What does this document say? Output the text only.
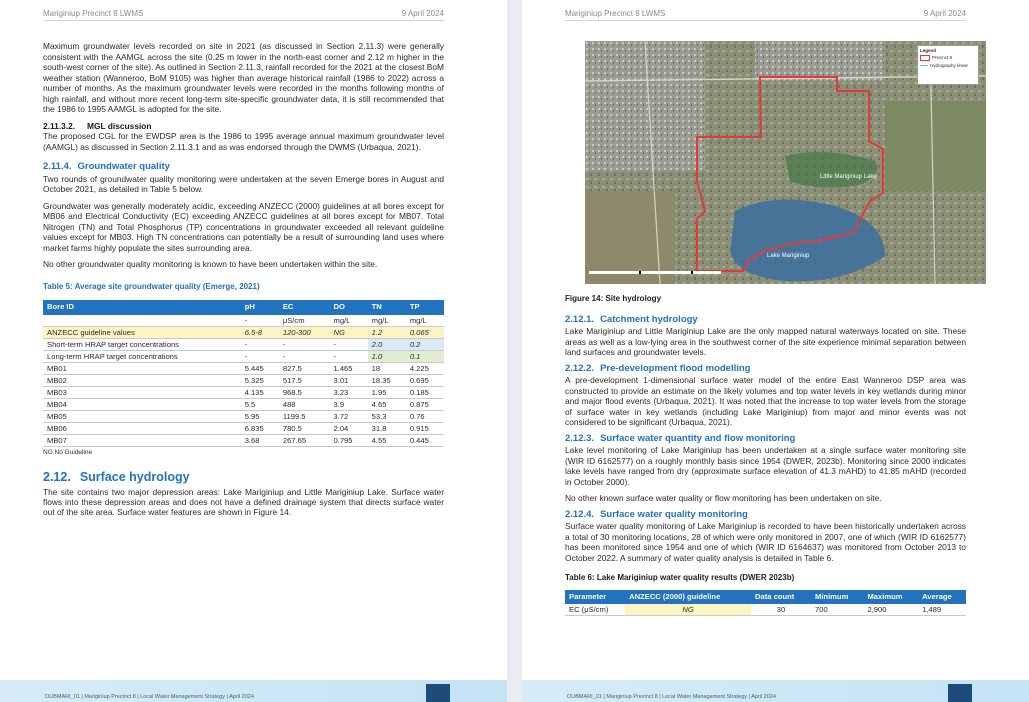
Mariginiup Precinct 8 LWMS	9 April 2024

Maximum groundwater levels recorded on site in 2021 (as discussed in Section 2.11.3) were generally consistent with the AAMGL across the site (0.25 m lower in the north-east corner and 2.12 m higher in the south-west corner of the site). As outlined in Section 2.11.3, rainfall recorded for the 2021 at the closest BoM weather station (Wanneroo, BoM 9105) was higher than average historical rainfall (1986 to 2022) across a number of months. As the maximum groundwater levels were recorded in the months following months of high rainfall, and without more recent long-term site-specific groundwater data, it is still recommended that the 1986 to 1995 AAMGL is adopted for the site.

2.11.3.2. MGL discussion

The proposed CGL for the EWDSP area is the 1986 to 1995 average annual maximum groundwater level (AAMGL) as discussed in Section 2.11.3.1 and as was endorsed through the DWMS (Urbaqua, 2021).

2.11.4. Groundwater quality

Two rounds of groundwater quality monitoring were undertaken at the seven Emerge bores in August and October 2021, as detailed in Table 5 below.

Groundwater was generally moderately acidic, exceeding ANZECC (2000) guidelines at all bores except for MB06 and Electrical Conductivity (EC) exceeding ANZECC guidelines at all bores except for MB07. Total Nitrogen (TN) and Total Phosphorus (TP) concentrations in groundwater exceeded all relevant guideline values except for MB03. High TN concentrations can potentially be a result of surrounding land uses where market farms highly populate the sites surrounding area.

No other groundwater quality monitoring is known to have been undertaken within the site.

Table 5: Average site groundwater quality (Emerge, 2021)
Bore ID	pH	EC	DO	TN	TP
	-	μS/cm	mg/L	mg/L	mg/L
ANZECC guideline values	6.5-8	120-300	NG	1.2	0.065
Short-term HRAP target concentrations	-	-	-	2.0	0.2
Long-term HRAP target concentrations	-	-	-	1.0	0.1
MB01	5.445	827.5	1.465	18	4.225
MB02	5.325	517.5	3.01	18.35	0.695
MB03	4.135	968.5	3.23	1.95	0.185
MB04	5.5	488	3.9	4.65	0.875
MB05	5.95	1199.5	3.72	53.3	0.76
MB06	6.835	780.5	2.04	31.8	0.915
MB07	3.68	267.65	0.795	4.55	0.445
NG No Guideline
2.12. Surface hydrology

The site contains two major depression areas: Lake Mariginiup and Little Mariginiup Lake. Surface water flows into these depression areas and does not have a defined drainage system that directs surface water out of the site area. Surface water features are shown in Figure 14.

OUBMARI_01 | Mariginiup Precinct 8 | Local Water Management Strategy | April 2024
Mariginiup Precinct 8 LWMS	9 April 2024
Little Mariginiup Lake
Lake Mariginiup
Legend
Precinct 8
Hydrography linear
Figure 14: Site hydrology
2.12.1. Catchment hydrology

Lake Mariginiup and Little Mariginiup Lake are the only mapped natural waterways located on site. These areas as well as a low-lying area in the southwest corner of the site experience minimal separation between land surfaces and groundwater levels.

2.12.2. Pre-development flood modelling

A pre-development 1-dimensional surface water model of the entire East Wanneroo DSP area was constructed to provide an estimate on the likely volumes and top water levels in key wetlands during minor and major flood events (Urbaqua, 2021). It was noted that the increase to top water levels from the storage of surface water in key wetlands (including Lake Mariginiup) from major and minor events was not considered to be significant (Urbaqua, 2021).

2.12.3. Surface water quantity and flow monitoring

Lake level monitoring of Lake Mariginiup has been undertaken at a single surface water monitoring site (WIR ID 6162577) on a roughly monthly basis since 1954 (DWER, 2023b). Monitoring since 2000 indicates lake levels have ranged from dry (approximate surface elevation of 41.3 mAHD) to 41.85 mAHD (recorded in October 2000).

No other known surface water quality or flow monitoring has been undertaken on site.

2.12.4. Surface water quality monitoring

Surface water quality monitoring of Lake Mariginiup is recorded to have been historically undertaken across a total of 30 monitoring locations, 28 of which were only monitored in 2007, one of which (WIR ID 6162577) has been monitored since 1954 and one of which (WIR ID 6164637) was monitored from October 2013 to October 2022. A summary of water quality analysis is detailed in Table 6.

Table 6: Lake Mariginiup water quality results (DWER 2023b)
Parameter	ANZECC (2000) guideline	Data count	Minimum	Maximum	Average
EC (μS/cm)	NG	30	700	2,900	1,489
OUBMARI_01 | Mariginiup Precinct 8 | Local Water Management Strategy | April 2024
